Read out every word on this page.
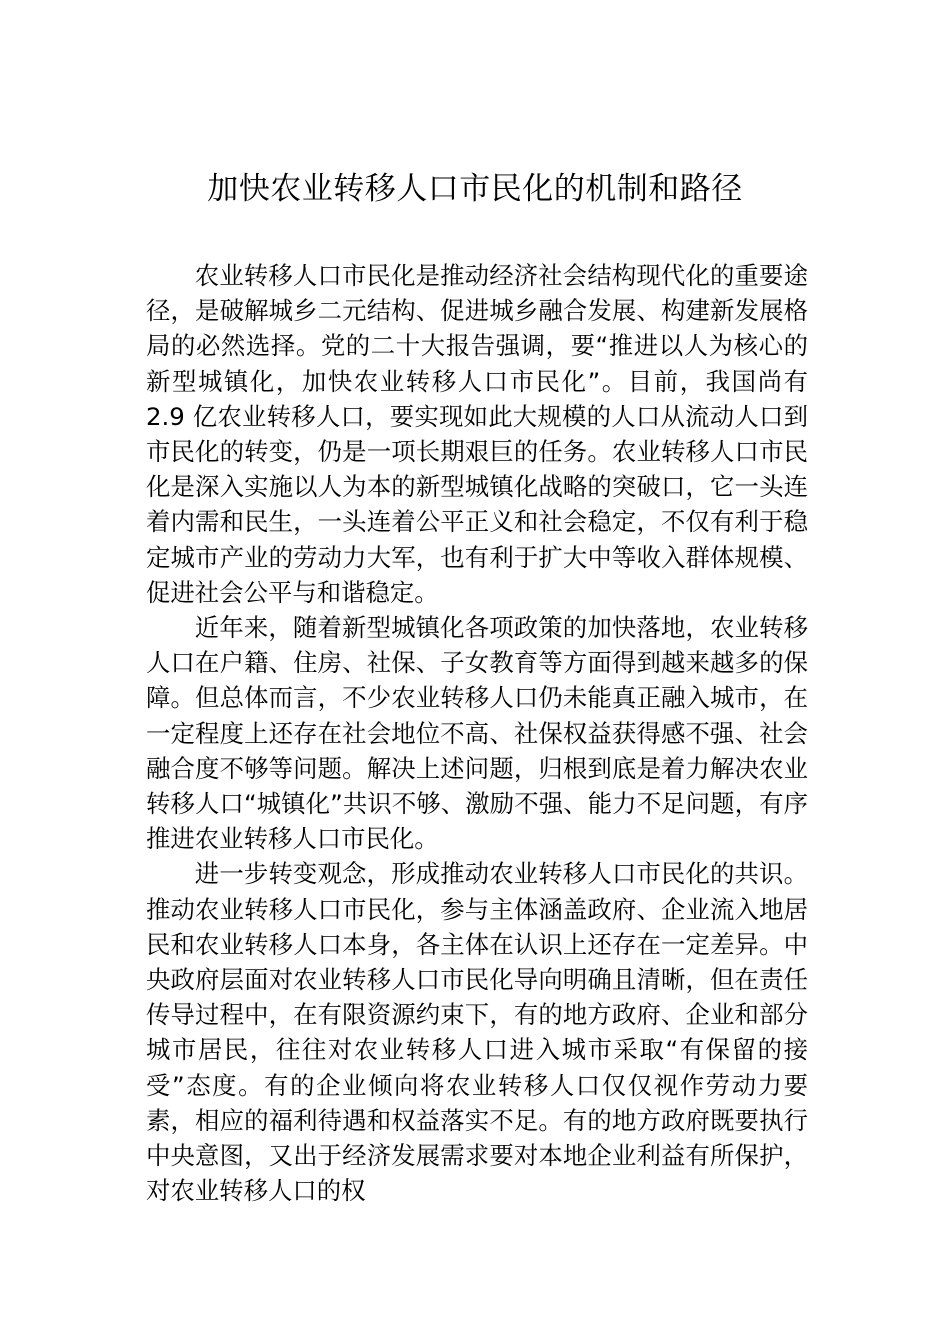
加快农业转移人口市民化的机制和路径

农业转移人口市民化是推动经济社会结构现代化的重要途径，是破解城乡二元结构、促进城乡融合发展、构建新发展格局的必然选择。党的二十大报告强调，要“推进以人为核心的新型城镇化，加快农业转移人口市民化”。目前，我国尚有 2.9 亿农业转移人口，要实现如此大规模的人口从流动人口到市民化的转变，仍是一项长期艰巨的任务。农业转移人口市民化是深入实施以人为本的新型城镇化战略的突破口，它一头连着内需和民生，一头连着公平正义和社会稳定，不仅有利于稳定城市产业的劳动力大军，也有利于扩大中等收入群体规模、促进社会公平与和谐稳定。

近年来，随着新型城镇化各项政策的加快落地，农业转移人口在户籍、住房、社保、子女教育等方面得到越来越多的保障。但总体而言，不少农业转移人口仍未能真正融入城市，在一定程度上还存在社会地位不高、社保权益获得感不强、社会融合度不够等问题。解决上述问题，归根到底是着力解决农业转移人口“城镇化”共识不够、激励不强、能力不足问题，有序推进农业转移人口市民化。

进一步转变观念，形成推动农业转移人口市民化的共识。推动农业转移人口市民化，参与主体涵盖政府、企业流入地居民和农业转移人口本身，各主体在认识上还存在一定差异。中央政府层面对农业转移人口市民化导向明确且清晰，但在责任传导过程中，在有限资源约束下，有的地方政府、企业和部分城市居民，往往对农业转移人口进入城市采取“有保留的接受”态度。有的企业倾向将农业转移人口仅仅视作劳动力要素，相应的福利待遇和权益落实不足。有的地方政府既要执行中央意图，又出于经济发展需求要对本地企业利益有所保护，对农业转移人口的权
